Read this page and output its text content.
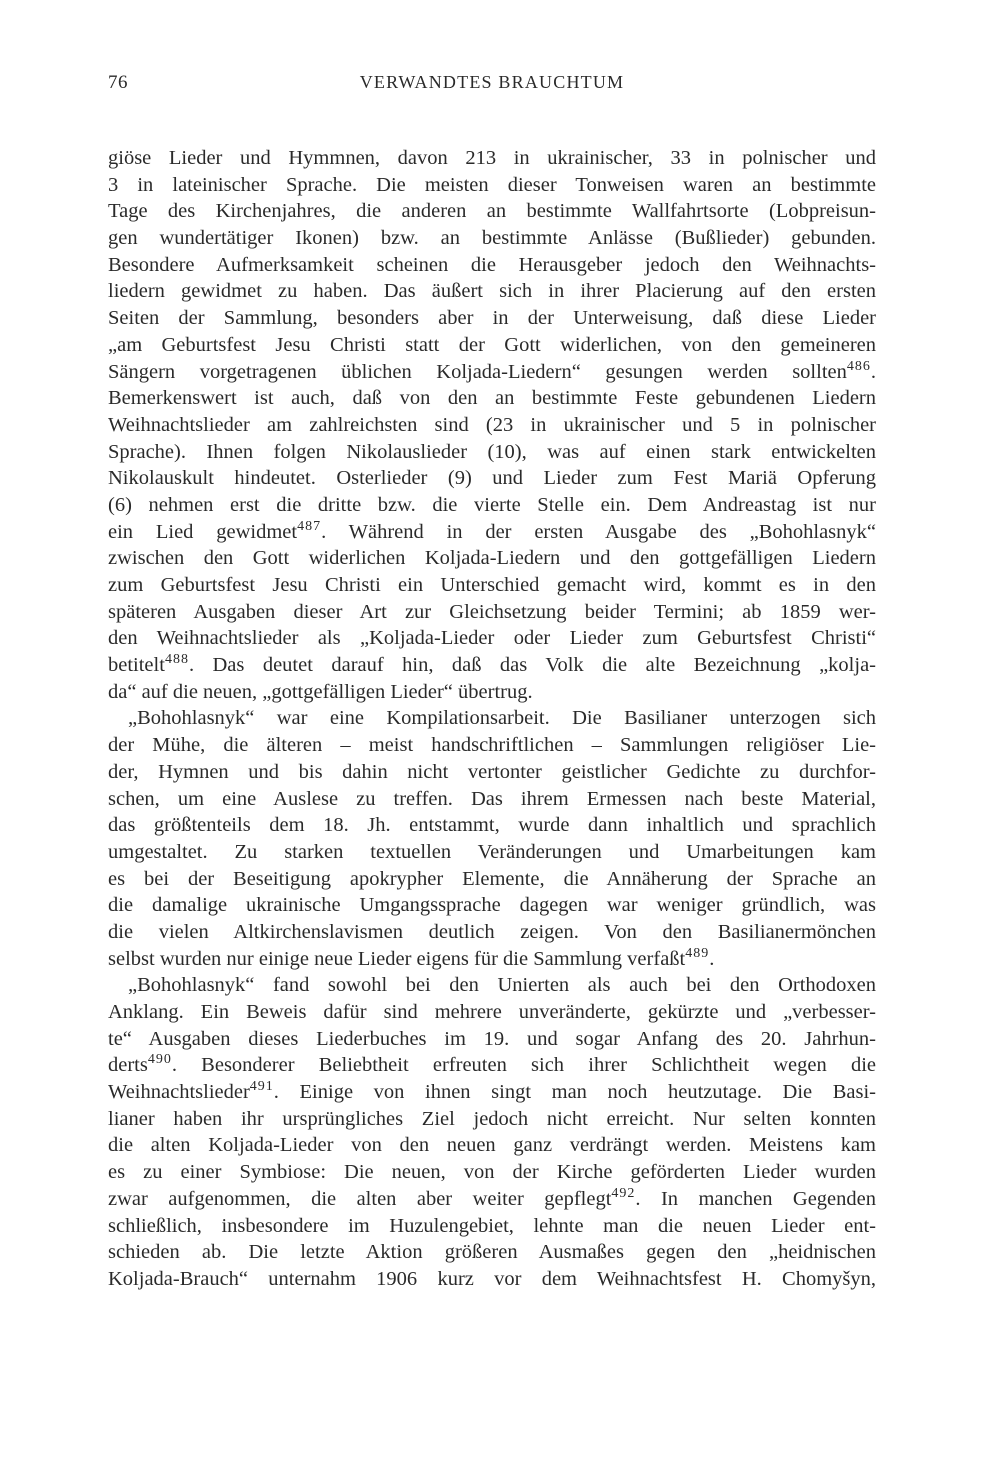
76	VERWANDTES BRAUCHTUM
giöse Lieder und Hymmnen, davon 213 in ukrainischer, 33 in polnischer und
3 in lateinischer Sprache. Die meisten dieser Tonweisen waren an bestimmte
Tage des Kirchenjahres, die anderen an bestimmte Wallfahrtsorte (Lobpreisun-
gen wundertätiger Ikonen) bzw. an bestimmte Anlässe (Bußlieder) gebunden.
Besondere Aufmerksamkeit scheinen die Herausgeber jedoch den Weihnachts-
liedern gewidmet zu haben. Das äußert sich in ihrer Placierung auf den ersten
Seiten der Sammlung, besonders aber in der Unterweisung, daß diese Lieder
„am Geburtsfest Jesu Christi statt der Gott widerlichen, von den gemeineren
Sängern vorgetragenen üblichen Koljada-Liedern“ gesungen werden sollten$^{486}$.
Bemerkenswert ist auch, daß von den an bestimmte Feste gebundenen Liedern
Weihnachtslieder am zahlreichsten sind (23 in ukrainischer und 5 in polnischer
Sprache). Ihnen folgen Nikolauslieder (10), was auf einen stark entwickelten
Nikolauskult hindeutet. Osterlieder (9) und Lieder zum Fest Mariä Opferung
(6) nehmen erst die dritte bzw. die vierte Stelle ein. Dem Andreastag ist nur
ein Lied gewidmet$^{487}$. Während in der ersten Ausgabe des „Bohohlasnyk“
zwischen den Gott widerlichen Koljada-Liedern und den gottgefälligen Liedern
zum Geburtsfest Jesu Christi ein Unterschied gemacht wird, kommt es in den
späteren Ausgaben dieser Art zur Gleichsetzung beider Termini; ab 1859 wer-
den Weihnachtslieder als „Koljada-Lieder oder Lieder zum Geburtsfest Christi“
betitelt$^{488}$. Das deutet darauf hin, daß das Volk die alte Bezeichnung „kolja-
da“ auf die neuen, „gottgefälligen Lieder“ übertrug.
„Bohohlasnyk“ war eine Kompilationsarbeit. Die Basilianer unterzogen sich
der Mühe, die älteren – meist handschriftlichen – Sammlungen religiöser Lie-
der, Hymnen und bis dahin nicht vertonter geistlicher Gedichte zu durchfor-
schen, um eine Auslese zu treffen. Das ihrem Ermessen nach beste Material,
das größtenteils dem 18. Jh. entstammt, wurde dann inhaltlich und sprachlich
umgestaltet. Zu starken textuellen Veränderungen und Umarbeitungen kam
es bei der Beseitigung apokrypher Elemente, die Annäherung der Sprache an
die damalige ukrainische Umgangssprache dagegen war weniger gründlich, was
die vielen Altkirchenslavismen deutlich zeigen. Von den Basilianermönchen
selbst wurden nur einige neue Lieder eigens für die Sammlung verfaßt$^{489}$.
„Bohohlasnyk“ fand sowohl bei den Unierten als auch bei den Orthodoxen
Anklang. Ein Beweis dafür sind mehrere unveränderte, gekürzte und „verbesser-
te“ Ausgaben dieses Liederbuches im 19. und sogar Anfang des 20. Jahrhun-
derts$^{490}$. Besonderer Beliebtheit erfreuten sich ihrer Schlichtheit wegen die
Weihnachtslieder$^{491}$. Einige von ihnen singt man noch heutzutage. Die Basi-
lianer haben ihr ursprüngliches Ziel jedoch nicht erreicht. Nur selten konnten
die alten Koljada-Lieder von den neuen ganz verdrängt werden. Meistens kam
es zu einer Symbiose: Die neuen, von der Kirche geförderten Lieder wurden
zwar aufgenommen, die alten aber weiter gepflegt$^{492}$. In manchen Gegenden
schließlich, insbesondere im Huzulengebiet, lehnte man die neuen Lieder ent-
schieden ab. Die letzte Aktion größeren Ausmaßes gegen den „heidnischen
Koljada-Brauch“ unternahm 1906 kurz vor dem Weihnachtsfest H. Chomyšyn,
